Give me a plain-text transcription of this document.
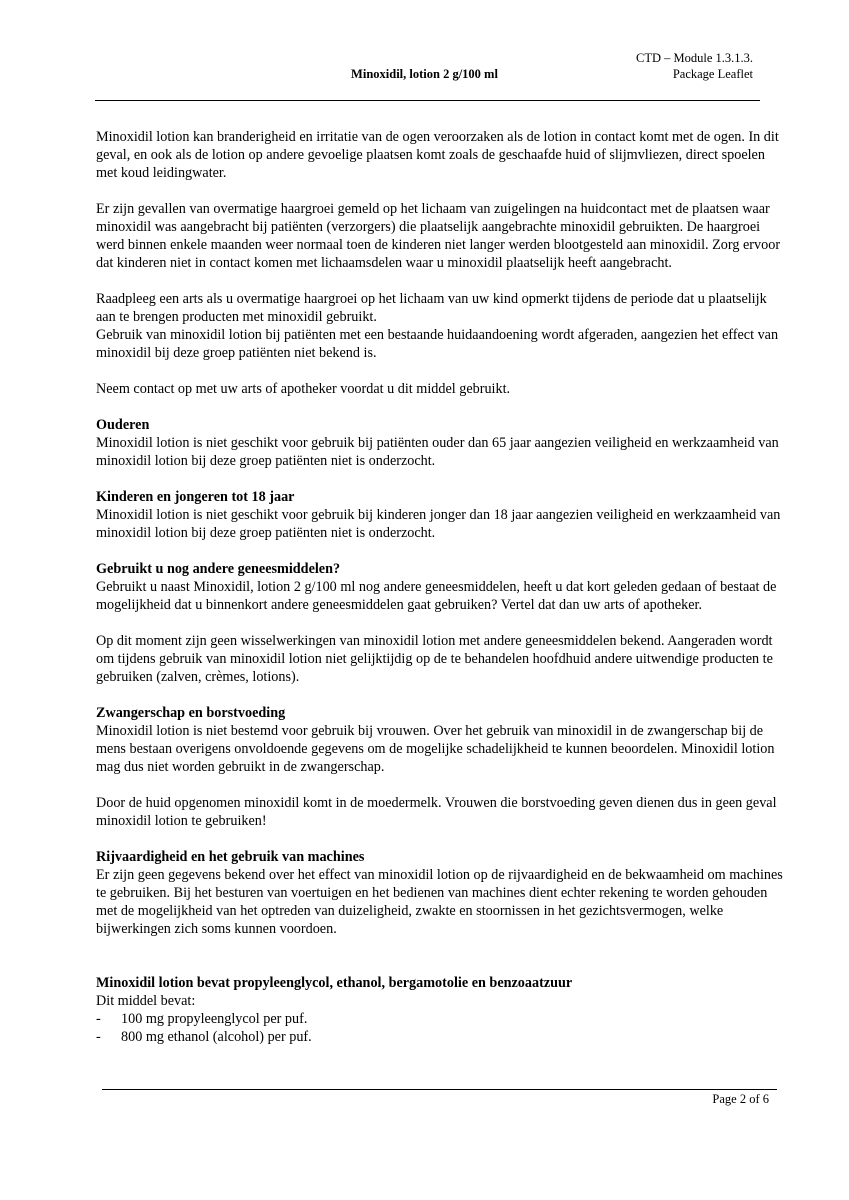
CTD – Module 1.3.1.3.
Package Leaflet
Minoxidil, lotion 2 g/100 ml

Minoxidil lotion kan branderigheid en irritatie van de ogen veroorzaken als de lotion in contact komt met de ogen. In dit geval, en ook als de lotion op andere gevoelige plaatsen komt zoals de geschaafde huid of slijmvliezen, direct spoelen met koud leidingwater.

Er zijn gevallen van overmatige haargroei gemeld op het lichaam van zuigelingen na huidcontact met de plaatsen waar minoxidil was aangebracht bij patiënten (verzorgers) die plaatselijk aangebrachte minoxidil gebruikten. De haargroei werd binnen enkele maanden weer normaal toen de kinderen niet langer werden blootgesteld aan minoxidil. Zorg ervoor dat kinderen niet in contact komen met lichaamsdelen waar u minoxidil plaatselijk heeft aangebracht.

Raadpleeg een arts als u overmatige haargroei op het lichaam van uw kind opmerkt tijdens de periode dat u plaatselijk aan te brengen producten met minoxidil gebruikt.

Gebruik van minoxidil lotion bij patiënten met een bestaande huidaandoening wordt afgeraden, aangezien het effect van minoxidil bij deze groep patiënten niet bekend is.

Neem contact op met uw arts of apotheker voordat u dit middel gebruikt.

Ouderen
Minoxidil lotion is niet geschikt voor gebruik bij patiënten ouder dan 65 jaar aangezien veiligheid en werkzaamheid van minoxidil lotion bij deze groep patiënten niet is onderzocht.
Kinderen en jongeren tot 18 jaar
Minoxidil lotion is niet geschikt voor gebruik bij kinderen jonger dan 18 jaar aangezien veiligheid en werkzaamheid van minoxidil lotion bij deze groep patiënten niet is onderzocht.
Gebruikt u nog andere geneesmiddelen?
Gebruikt u naast Minoxidil, lotion 2 g/100 ml nog andere geneesmiddelen, heeft u dat kort geleden gedaan of bestaat de mogelijkheid dat u binnenkort andere geneesmiddelen gaat gebruiken? Vertel dat dan uw arts of apotheker.

Op dit moment zijn geen wisselwerkingen van minoxidil lotion met andere geneesmiddelen bekend. Aangeraden wordt om tijdens gebruik van minoxidil lotion niet gelijktijdig op de te behandelen hoofdhuid andere uitwendige producten te gebruiken (zalven, crèmes, lotions).

Zwangerschap en borstvoeding
Minoxidil lotion is niet bestemd voor gebruik bij vrouwen. Over het gebruik van minoxidil in de zwangerschap bij de mens bestaan overigens onvoldoende gegevens om de mogelijke schadelijkheid te kunnen beoordelen. Minoxidil lotion mag dus niet worden gebruikt in de zwangerschap.

Door de huid opgenomen minoxidil komt in de moedermelk. Vrouwen die borstvoeding geven dienen dus in geen geval minoxidil lotion te gebruiken!

Rijvaardigheid en het gebruik van machines
Er zijn geen gegevens bekend over het effect van minoxidil lotion op de rijvaardigheid en de bekwaamheid om machines te gebruiken. Bij het besturen van voertuigen en het bedienen van machines dient echter rekening te worden gehouden met de mogelijkheid van het optreden van duizeligheid, zwakte en stoornissen in het gezichtsvermogen, welke bijwerkingen zich soms kunnen voordoen.
Minoxidil lotion bevat propyleenglycol, ethanol, bergamotolie en benzoaatzuur
Dit middel bevat:
- 100 mg propyleenglycol per puf.
- 800 mg ethanol (alcohol) per puf.
Page 2 of 6
